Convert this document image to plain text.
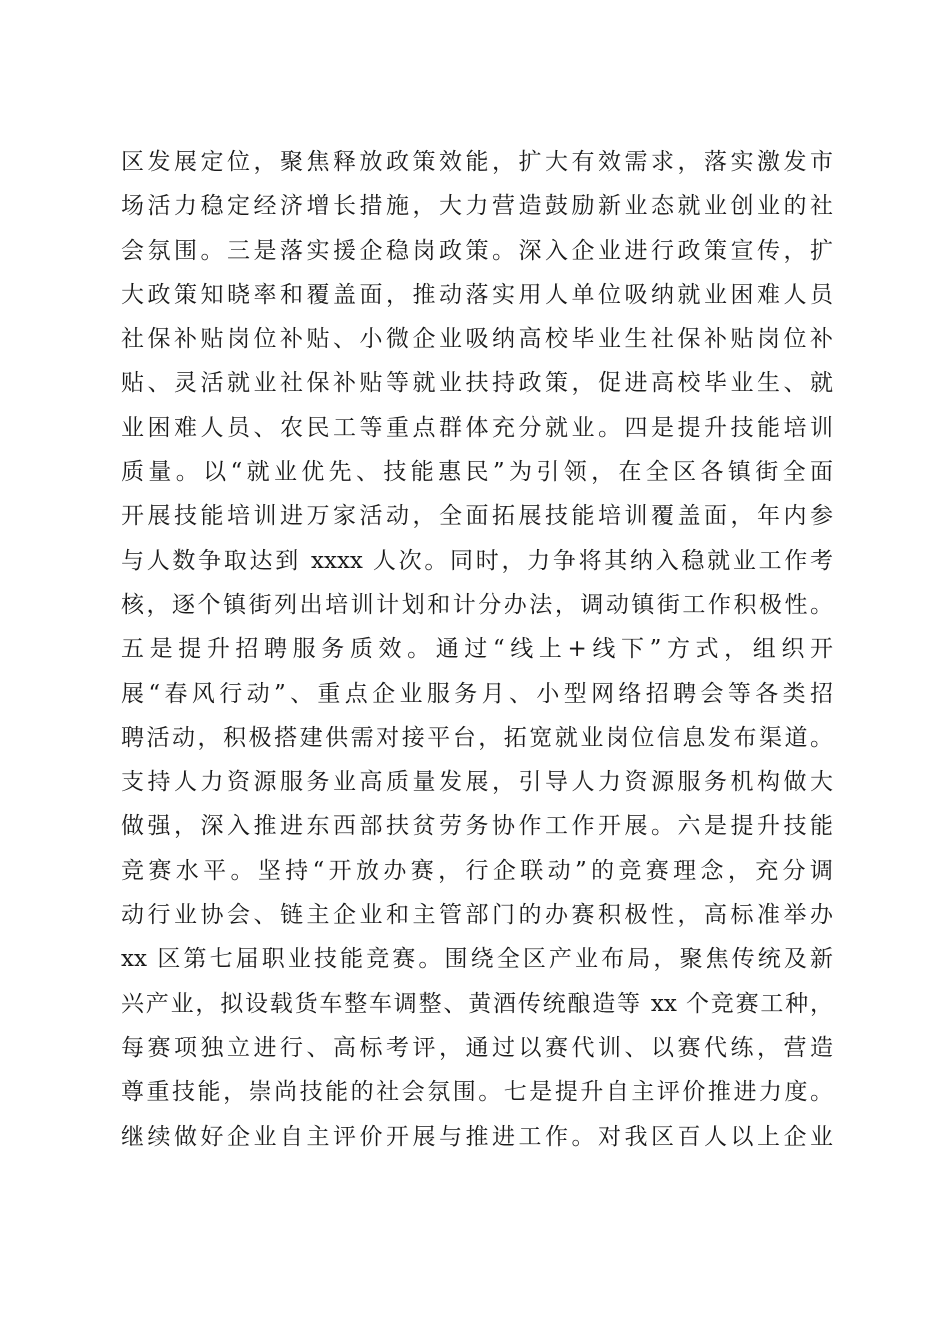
区发展定位，聚焦释放政策效能，扩大有效需求，落实激发市
场活力稳定经济增长措施，大力营造鼓励新业态就业创业的社
会氛围。三是落实援企稳岗政策。深入企业进行政策宣传，扩
大政策知晓率和覆盖面，推动落实用人单位吸纳就业困难人员
社保补贴岗位补贴、小微企业吸纳高校毕业生社保补贴岗位补
贴、灵活就业社保补贴等就业扶持政策，促进高校毕业生、就
业困难人员、农民工等重点群体充分就业。四是提升技能培训
质量。以“就业优先、技能惠民”为引领，在全区各镇街全面
开展技能培训进万家活动，全面拓展技能培训覆盖面，年内参
与人数争取达到 xxxx 人次。同时，力争将其纳入稳就业工作考
核，逐个镇街列出培训计划和计分办法，调动镇街工作积极性。
五是提升招聘服务质效。通过“线上+线下”方式，组织开
展“春风行动”、重点企业服务月、小型网络招聘会等各类招
聘活动，积极搭建供需对接平台，拓宽就业岗位信息发布渠道。
支持人力资源服务业高质量发展，引导人力资源服务机构做大
做强，深入推进东西部扶贫劳务协作工作开展。六是提升技能
竞赛水平。坚持“开放办赛，行企联动”的竞赛理念，充分调
动行业协会、链主企业和主管部门的办赛积极性，高标准举办
xx 区第七届职业技能竞赛。围绕全区产业布局，聚焦传统及新
兴产业，拟设载货车整车调整、黄酒传统酿造等 xx 个竞赛工种，
每赛项独立进行、高标考评，通过以赛代训、以赛代练，营造
尊重技能，崇尚技能的社会氛围。七是提升自主评价推进力度。
继续做好企业自主评价开展与推进工作。对我区百人以上企业
